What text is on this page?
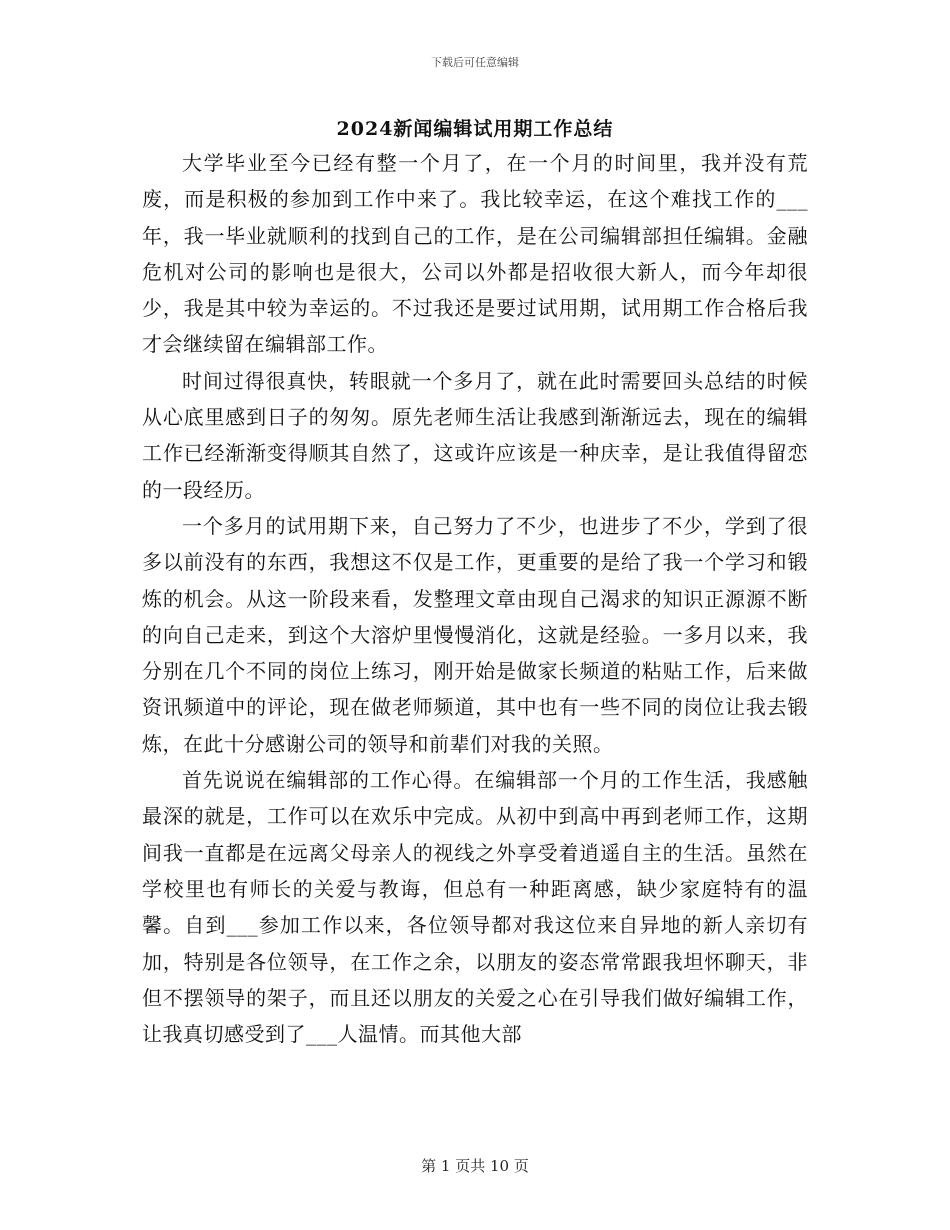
下载后可任意编辑
2024新闻编辑试用期工作总结

大学毕业至今已经有整一个月了，在一个月的时间里，我并没有荒废，而是积极的参加到工作中来了。我比较幸运，在这个难找工作的___年，我一毕业就顺利的找到自己的工作，是在公司编辑部担任编辑。金融危机对公司的影响也是很大，公司以外都是招收很大新人，而今年却很少，我是其中较为幸运的。不过我还是要过试用期，试用期工作合格后我才会继续留在编辑部工作。

时间过得很真快，转眼就一个多月了，就在此时需要回头总结的时候从心底里感到日子的匆匆。原先老师生活让我感到渐渐远去，现在的编辑工作已经渐渐变得顺其自然了，这或许应该是一种庆幸，是让我值得留恋的一段经历。

一个多月的试用期下来，自己努力了不少，也进步了不少，学到了很多以前没有的东西，我想这不仅是工作，更重要的是给了我一个学习和锻炼的机会。从这一阶段来看，发整理文章由现自己渴求的知识正源源不断的向自己走来，到这个大溶炉里慢慢消化，这就是经验。一多月以来，我分别在几个不同的岗位上练习，刚开始是做家长频道的粘贴工作，后来做资讯频道中的评论，现在做老师频道，其中也有一些不同的岗位让我去锻炼，在此十分感谢公司的领导和前辈们对我的关照。

首先说说在编辑部的工作心得。在编辑部一个月的工作生活，我感触最深的就是，工作可以在欢乐中完成。从初中到高中再到老师工作，这期间我一直都是在远离父母亲人的视线之外享受着逍遥自主的生活。虽然在学校里也有师长的关爱与教诲，但总有一种距离感，缺少家庭特有的温馨。自到___参加工作以来，各位领导都对我这位来自异地的新人亲切有加，特别是各位领导，在工作之余，以朋友的姿态常常跟我坦怀聊天，非但不摆领导的架子，而且还以朋友的关爱之心在引导我们做好编辑工作，让我真切感受到了___人温情。而其他大部

第 1 页共 10 页
